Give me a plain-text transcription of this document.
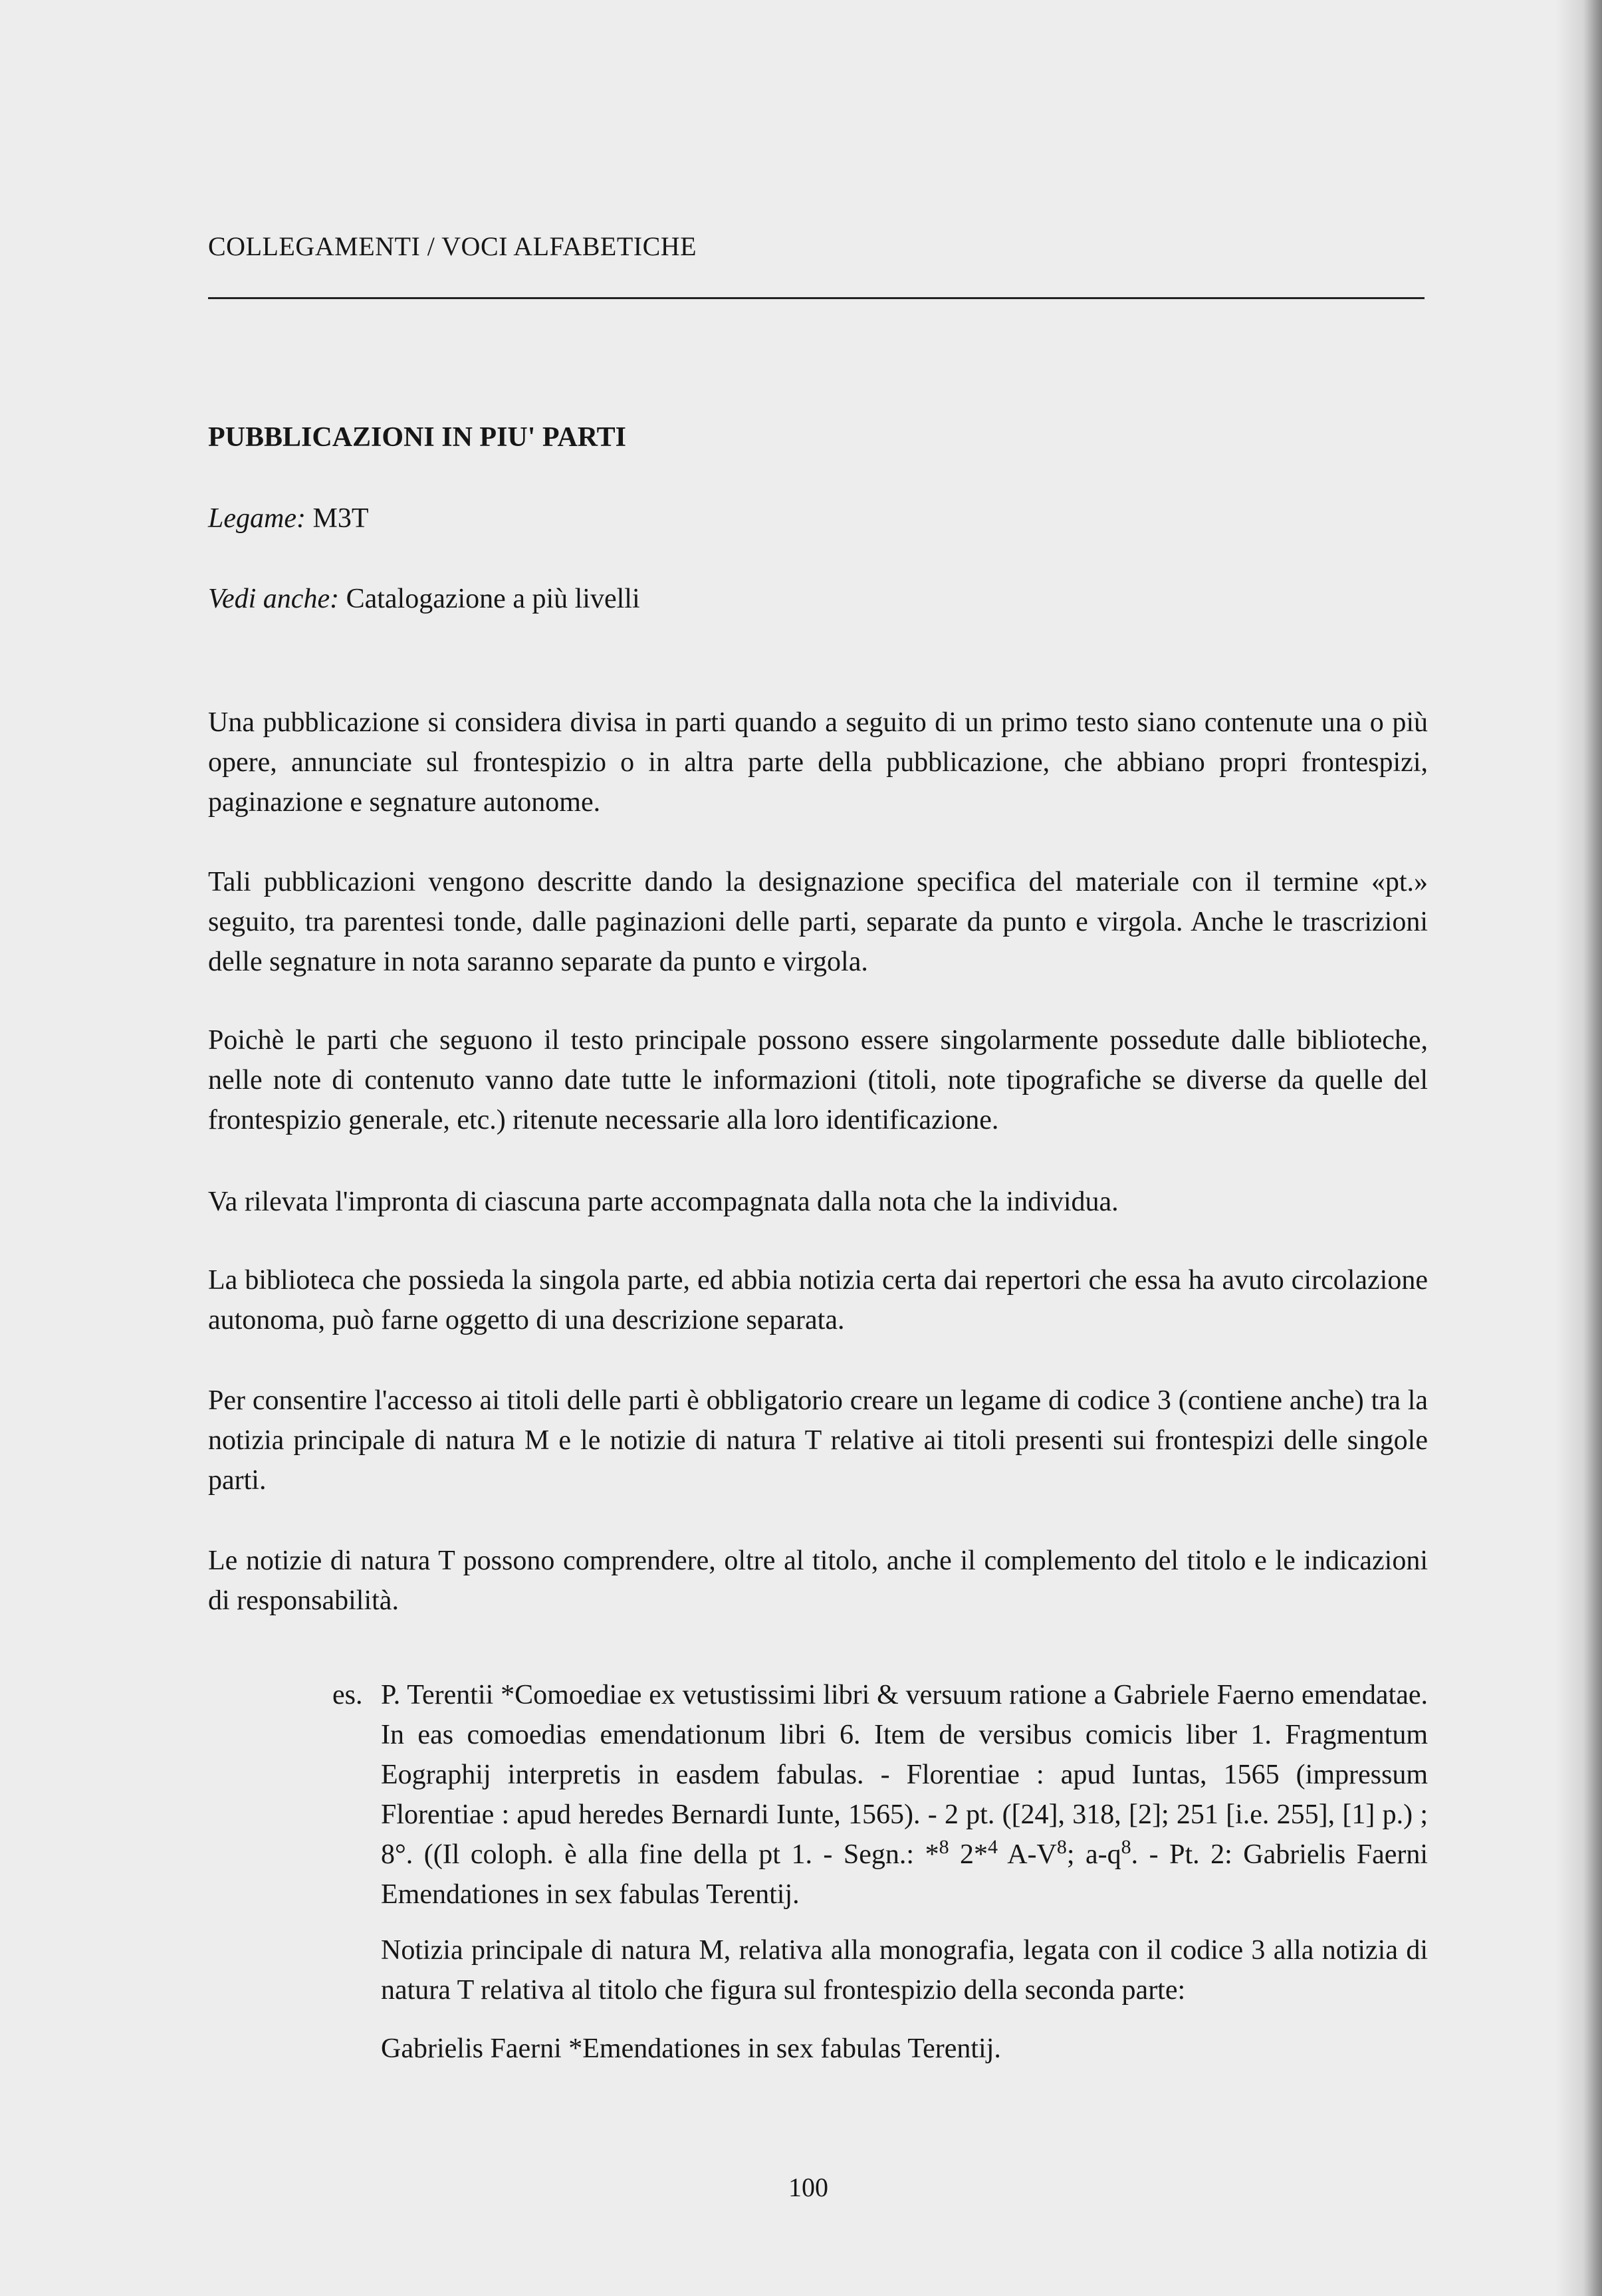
COLLEGAMENTI / VOCI ALFABETICHE
PUBBLICAZIONI IN PIU' PARTI
Legame: M3T
Vedi anche: Catalogazione a più livelli
Una pubblicazione si considera divisa in parti quando a seguito di un primo testo siano contenute una o più opere, annunciate sul frontespizio o in altra parte della pubblicazione, che abbiano propri frontespizi, paginazione e segnature autonome.
Tali pubblicazioni vengono descritte dando la designazione specifica del materiale con il termine «pt.» seguito, tra parentesi tonde, dalle paginazioni delle parti, separate da punto e virgola. Anche le trascrizioni delle segnature in nota saranno separate da punto e virgola.
Poichè le parti che seguono il testo principale possono essere singolarmente possedute dalle biblioteche, nelle note di contenuto vanno date tutte le informazioni (titoli, note tipografiche se diverse da quelle del frontespizio generale, etc.) ritenute necessarie alla loro identificazione.
Va rilevata l'impronta di ciascuna parte accompagnata dalla nota che la individua.
La biblioteca che possieda la singola parte, ed abbia notizia certa dai repertori che essa ha avuto circolazione autonoma, può farne oggetto di una descrizione separata.
Per consentire l'accesso ai titoli delle parti è obbligatorio creare un legame di codice 3 (contiene anche) tra la notizia principale di natura M e le notizie di natura T relative ai titoli presenti sui frontespizi delle singole parti.
Le notizie di natura T possono comprendere, oltre al titolo, anche il complemento del titolo e le indicazioni di responsabilità.
es. P. Terentii *Comoediae ex vetustissimi libri & versuum ratione a Gabriele Faerno emendatae. In eas comoedias emendationum libri 6. Item de versibus comicis liber 1. Fragmentum Eographij interpretis in easdem fabulas. - Florentiae : apud Iuntas, 1565 (impressum Florentiae : apud heredes Bernardi Iunte, 1565). - 2 pt. ([24], 318, [2]; 251 [i.e. 255], [1] p.) ; 8°. ((Il coloph. è alla fine della pt 1. - Segn.: *$^8$ 2*$^4$ $A-V^8$; $a-q^8$. - Pt. 2: Gabrielis Faerni Emendationes in sex fabulas Terentij.
Notizia principale di natura M, relativa alla monografia, legata con il codice 3 alla notizia di natura T relativa al titolo che figura sul frontespizio della seconda parte:
Gabrielis Faerni *Emendationes in sex fabulas Terentij.
100
